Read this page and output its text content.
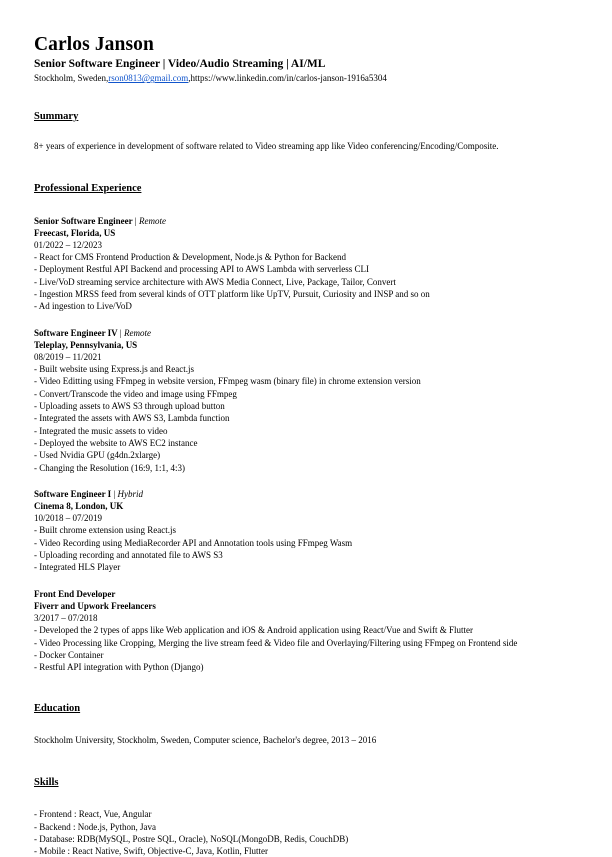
Carlos Janson
Senior Software Engineer | Video/Audio Streaming | AI/ML
Stockholm, Sweden,rson0813@gmail.com,https://www.linkedin.com/in/carlos-janson-1916a5304
Summary
8+ years of experience in development of software related to Video streaming app like Video conferencing/Encoding/Composite.
Professional Experience
Senior Software Engineer | Remote
Freecast, Florida, US
01/2022 – 12/2023
- React for CMS Frontend Production & Development, Node.js & Python for Backend
- Deployment Restful API Backend and processing API to AWS Lambda with serverless CLI
- Live/VoD streaming service architecture with AWS Media Connect, Live, Package, Tailor, Convert
- Ingestion MRSS feed from several kinds of OTT platform like UpTV, Pursuit, Curiosity and INSP and so on
- Ad ingestion to Live/VoD
Software Engineer IV | Remote
Teleplay, Pennsylvania, US
08/2019 – 11/2021
- Built website using Express.js and React.js
- Video Editting using FFmpeg in website version, FFmpeg wasm (binary file) in chrome extension version
- Convert/Transcode the video and image using FFmpeg
- Uploading assets to AWS S3 through upload button
- Integrated the assets with AWS S3, Lambda function
- Integrated the music assets to video
- Deployed the website to AWS EC2 instance
- Used Nvidia GPU (g4dn.2xlarge)
- Changing the Resolution (16:9, 1:1, 4:3)
Software Engineer I | Hybrid
Cinema 8, London, UK
10/2018 – 07/2019
- Built chrome extension using React.js
- Video Recording using MediaRecorder API and Annotation tools using FFmpeg Wasm
- Uploading recording and annotated file to AWS S3
- Integrated HLS Player
Front End Developer
Fiverr and Upwork Freelancers
3/2017 – 07/2018
- Developed the 2 types of apps like Web application and iOS & Android application using React/Vue and Swift & Flutter
- Video Processing like Cropping, Merging the live stream feed & Video file and Overlaying/Filtering using FFmpeg on Frontend side
- Docker Container
- Restful API integration with Python (Django)
Education
Stockholm University, Stockholm, Sweden, Computer science, Bachelor's degree, 2013 – 2016
Skills
- Frontend : React, Vue, Angular
- Backend : Node.js, Python, Java
- Database: RDB(MySQL, Postre SQL, Oracle), NoSQL(MongoDB, Redis, CouchDB)
- Mobile : React Native, Swift, Objective-C, Java, Kotlin, Flutter
